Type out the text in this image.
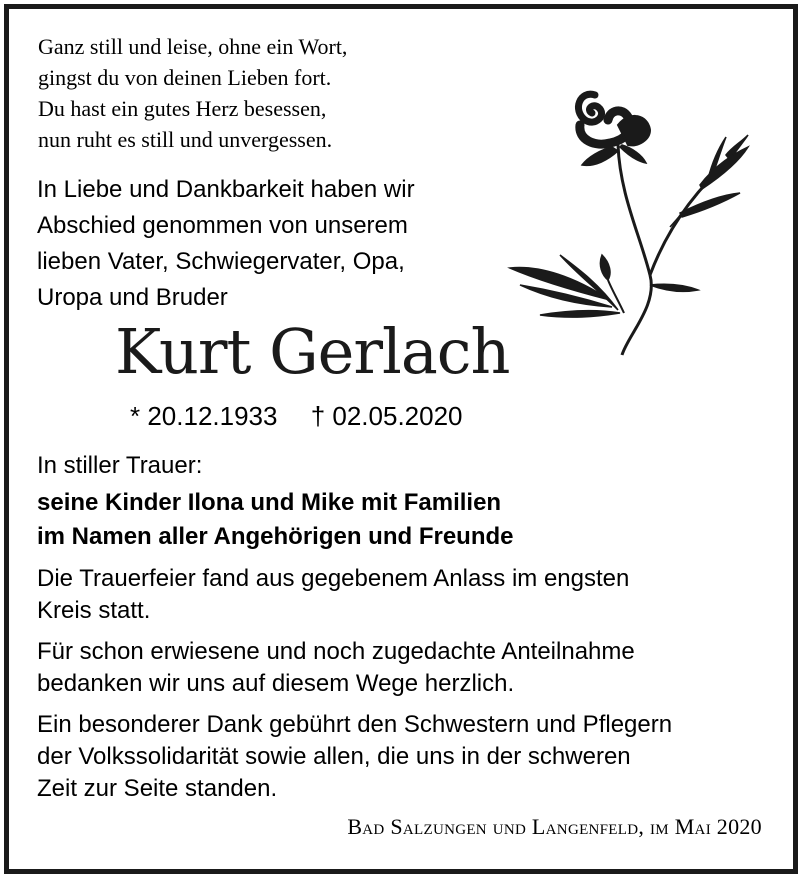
Ganz still und leise, ohne ein Wort,
gingst du von deinen Lieben fort.
Du hast ein gutes Herz besessen,
nun ruht es still und unvergessen.
In Liebe und Dankbarkeit haben wir
Abschied genommen von unserem
lieben Vater, Schwiegervater, Opa,
Uropa und Bruder
Kurt Gerlach
* 20.12.1933 † 02.05.2020
In stiller Trauer:
seine Kinder Ilona und Mike mit Familien
im Namen aller Angehörigen und Freunde
Die Trauerfeier fand aus gegebenem Anlass im engsten
Kreis statt.
Für schon erwiesene und noch zugedachte Anteilnahme
bedanken wir uns auf diesem Wege herzlich.
Ein besonderer Dank gebührt den Schwestern und Pflegern
der Volkssolidarität sowie allen, die uns in der schweren
Zeit zur Seite standen.
Bad Salzungen und Langenfeld, im Mai 2020
